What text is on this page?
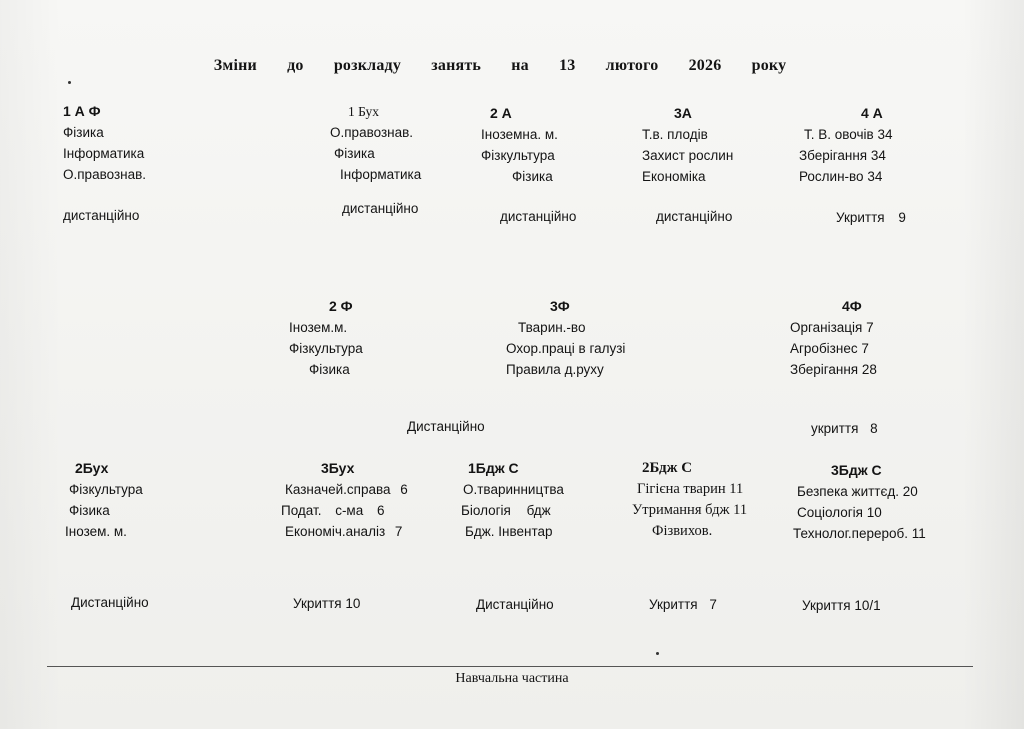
Зміни до розкладу занять на 13 лютого 2026 року
1 А Ф
Фізика
Інформатика
О.правознав.
дистанційно
1 Бух
О.правознав.
Фізика
Інформатика
дистанційно
2 А
Іноземна. м.
Фізкультура
Фізика
дистанційно
3А
Т.в. плодів
Захист рослин
Економіка
дистанційно
4 А
Т. В. овочів 34
Зберігання 34
Рослин-во 34
Укриття 9
2 Ф
Інозем.м.
Фізкультура
Фізика
3Ф
Тварин.-во
Охор.праці в галузі
Правила д.руху
4Ф
Організація 7
Агробізнес 7
Зберігання 28
Дистанційно	укриття 8
2Бух
Фізкультура
Фізика
Інозем. м.
Дистанційно
3Бух
Казначей.справа 6
Подат. с-ма 6
Економіч.аналіз 7
Укриття 10
1Бдж С
О.тваринництва
Біологія бдж
Бдж. Інвентар
Дистанційно
2Бдж С
Гігієна тварин 11
Утримання бдж 11
Фізвихов.
Укриття 7
3Бдж С
Безпека життєд. 20
Соціологія 10
Технолог.перероб. 11
Укриття 10/1
Навчальна частина
